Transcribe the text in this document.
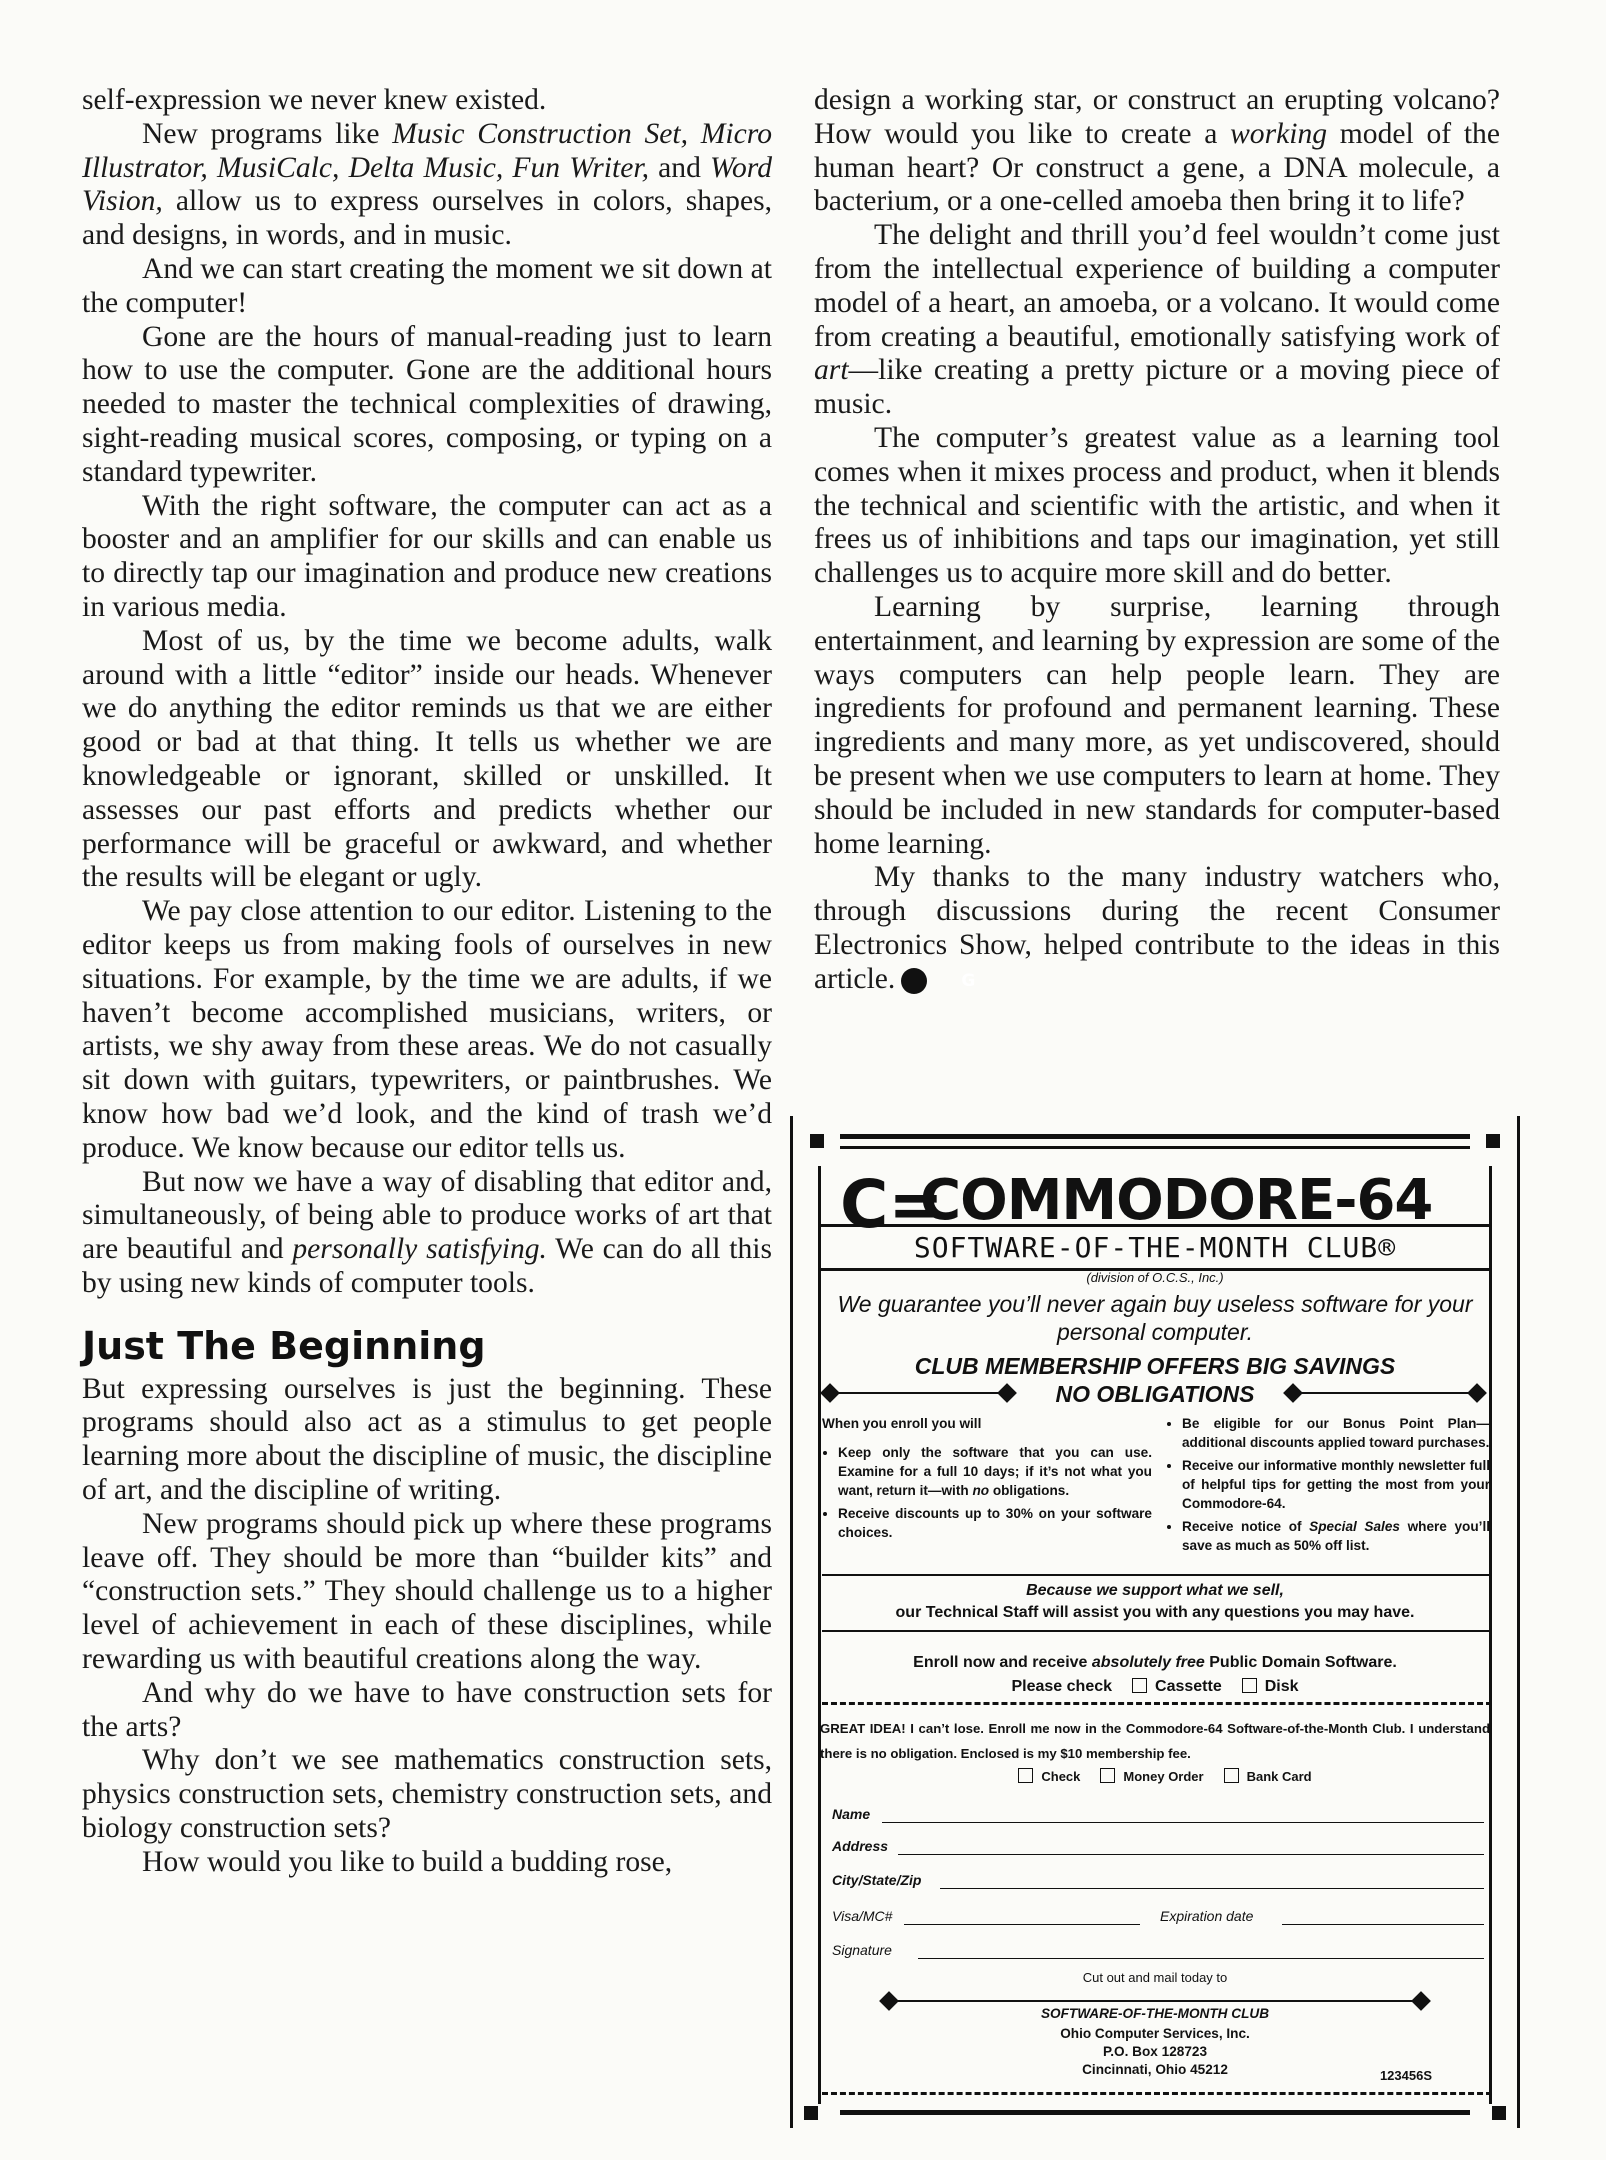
self-expression we never knew existed.

New programs like Music Construction Set, Micro Illustrator, MusiCalc, Delta Music, Fun Writer, and Word Vision, allow us to express ourselves in colors, shapes, and designs, in words, and in music.

And we can start creating the moment we sit down at the computer!

Gone are the hours of manual-reading just to learn how to use the computer. Gone are the additional hours needed to master the technical complexities of drawing, sight-reading musical scores, composing, or typing on a standard typewriter.

With the right software, the computer can act as a booster and an amplifier for our skills and can enable us to directly tap our imagination and produce new creations in various media.

Most of us, by the time we become adults, walk around with a little “editor” inside our heads. Whenever we do anything the editor reminds us that we are either good or bad at that thing. It tells us whether we are knowledgeable or ignorant, skilled or unskilled. It assesses our past efforts and predicts whether our performance will be graceful or awkward, and whether the results will be elegant or ugly.

We pay close attention to our editor. Listening to the editor keeps us from making fools of ourselves in new situations. For example, by the time we are adults, if we haven’t become accomplished musicians, writers, or artists, we shy away from these areas. We do not casually sit down with guitars, typewriters, or paintbrushes. We know how bad we’d look, and the kind of trash we’d produce. We know because our editor tells us.

But now we have a way of disabling that editor and, simultaneously, of being able to produce works of art that are beautiful and personally satisfying. We can do all this by using new kinds of computer tools.

Just The Beginning

But expressing ourselves is just the beginning. These programs should also act as a stimulus to get people learning more about the discipline of music, the discipline of art, and the discipline of writing.

New programs should pick up where these programs leave off. They should be more than “builder kits” and “construction sets.” They should challenge us to a higher level of achievement in each of these disciplines, while rewarding us with beautiful creations along the way.

And why do we have to have construction sets for the arts?

Why don’t we see mathematics construction sets, physics construction sets, chemistry construction sets, and biology construction sets?

How would you like to build a budding rose,

design a working star, or construct an erupting volcano? How would you like to create a working model of the human heart? Or construct a gene, a DNA molecule, a bacterium, or a one-celled amoeba then bring it to life?

The delight and thrill you’d feel wouldn’t come just from the intellectual experience of building a computer model of a heart, an amoeba, or a volcano. It would come from creating a beautiful, emotionally satisfying work of art—like creating a pretty picture or a moving piece of music.

The computer’s greatest value as a learning tool comes when it mixes process and product, when it blends the technical and scientific with the artistic, and when it frees us of inhibitions and taps our imagination, yet still challenges us to acquire more skill and do better.

Learning by surprise, learning through entertainment, and learning by expression are some of the ways computers can help people learn. They are ingredients for profound and permanent learning. These ingredients and many more, as yet undiscovered, should be present when we use computers to learn at home. They should be included in new standards for computer-based home learning.

My thanks to the many industry watchers who, through discussions during the recent Consumer Electronics Show, helped contribute to the ideas in this article.	G

C=
COMMODORE-64
SOFTWARE-OF-THE-MONTH CLUB®
(division of O.C.S., Inc.)
We guarantee you’ll never again buy useless software for your personal computer.
CLUB MEMBERSHIP OFFERS BIG SAVINGS
NO OBLIGATIONS
When you enroll you will
• Keep only the software that you can use. Examine for a full 10 days; if it’s not what you want, return it—with no obligations.
• Receive discounts up to 30% on your software choices.
• Be eligible for our Bonus Point Plan—additional discounts applied toward purchases.
• Receive our informative monthly newsletter full of helpful tips for getting the most from your Commodore-64.
• Receive notice of Special Sales where you’ll save as much as 50% off list.
Because we support what we sell,
our Technical Staff will assist you with any questions you may have.
Enroll now and receive absolutely free Public Domain Software.
Please check	Cassette	Disk
GREAT IDEA! I can’t lose. Enroll me now in the Commodore-64 Software-of-the-Month Club. I understand there is no obligation. Enclosed is my $10 membership fee.
Check	Money Order	Bank Card
Name
Address
City/State/Zip
Visa/MC#	Expiration date
Signature
Cut out and mail today to
SOFTWARE-OF-THE-MONTH CLUB
Ohio Computer Services, Inc.
P.O. Box 128723
Cincinnati, Ohio 45212	123456S
